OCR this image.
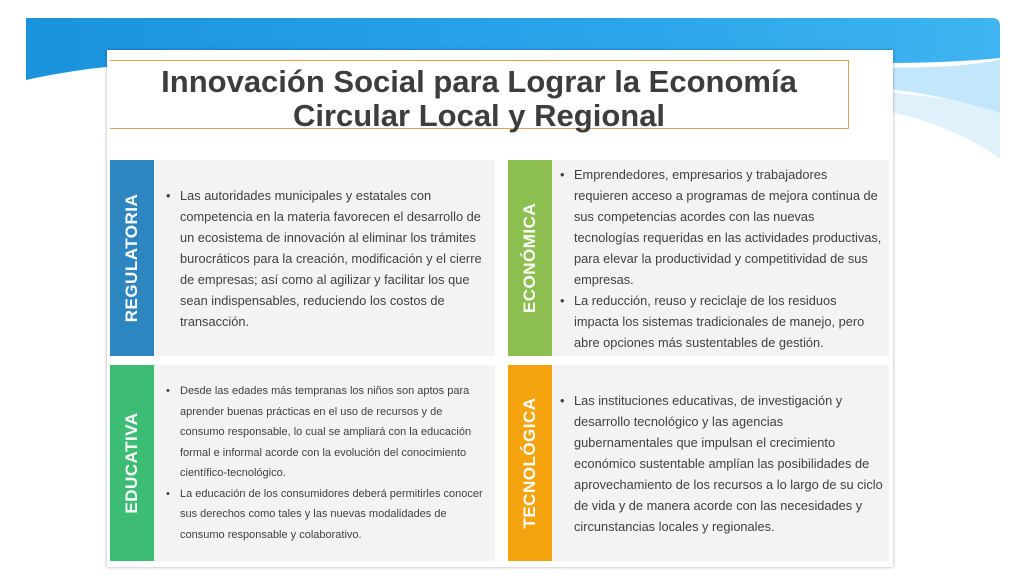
Innovación Social para Lograr la Economía
Circular Local y Regional
REGULATORIA	• Las autoridades municipales y estatales con competencia en la materia favorecen el desarrollo de un ecosistema de innovación al eliminar los trámites burocráticos para la creación, modificación y el cierre de empresas; así como al agilizar y facilitar los que sean indispensables, reduciendo los costos de transacción.
ECONÓMICA
• Emprendedores, empresarios y trabajadores requieren acceso a programas de mejora continua de sus competencias acordes con las nuevas tecnologías requeridas en las actividades productivas, para elevar la productividad y competitividad de sus empresas.
• La reducción, reuso y reciclaje de los residuos impacta los sistemas tradicionales de manejo, pero abre opciones más sustentables de gestión.
EDUCATIVA
• Desde las edades más tempranas los niños son aptos para aprender buenas prácticas en el uso de recursos y de consumo responsable, lo cual se ampliará con la educación formal e informal acorde con la evolución del conocimiento científico-tecnológico.
• La educación de los consumidores deberá permitirles conocer sus derechos como tales y las nuevas modalidades de consumo responsable y colaborativo.
TECNOLÓGICA	• Las instituciones educativas, de investigación y desarrollo tecnológico y las agencias gubernamentales que impulsan el crecimiento económico sustentable amplían las posibilidades de aprovechamiento de los recursos a lo largo de su ciclo de vida y de manera acorde con las necesidades y circunstancias locales y regionales.
